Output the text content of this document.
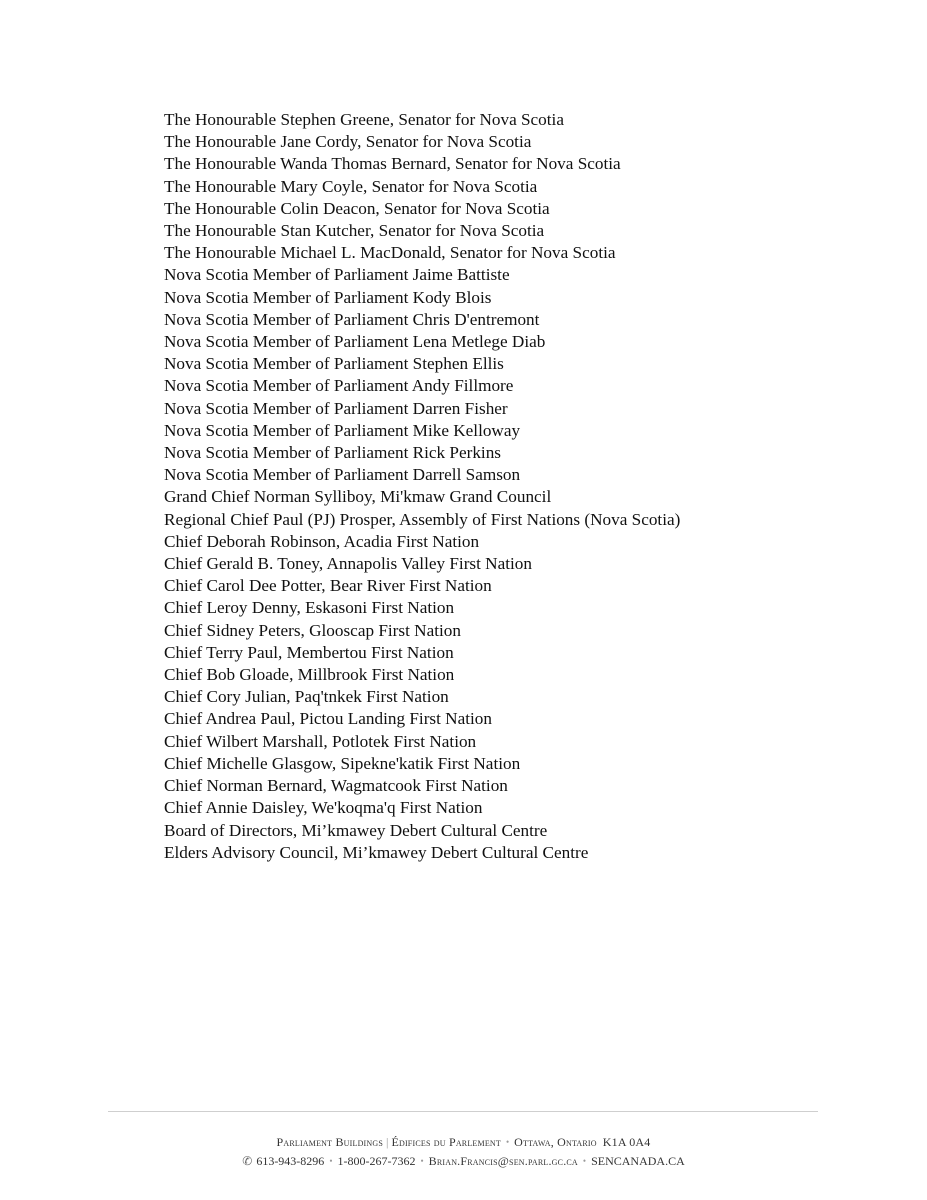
The Honourable Stephen Greene, Senator for Nova Scotia
The Honourable Jane Cordy, Senator for Nova Scotia
The Honourable Wanda Thomas Bernard, Senator for Nova Scotia
The Honourable Mary Coyle, Senator for Nova Scotia
The Honourable Colin Deacon, Senator for Nova Scotia
The Honourable Stan Kutcher, Senator for Nova Scotia
The Honourable Michael L. MacDonald, Senator for Nova Scotia
Nova Scotia Member of Parliament Jaime Battiste
Nova Scotia Member of Parliament Kody Blois
Nova Scotia Member of Parliament Chris D'entremont
Nova Scotia Member of Parliament Lena Metlege Diab
Nova Scotia Member of Parliament Stephen Ellis
Nova Scotia Member of Parliament Andy Fillmore
Nova Scotia Member of Parliament Darren Fisher
Nova Scotia Member of Parliament Mike Kelloway
Nova Scotia Member of Parliament Rick Perkins
Nova Scotia Member of Parliament Darrell Samson
Grand Chief Norman Sylliboy, Mi'kmaw Grand Council
Regional Chief Paul (PJ) Prosper, Assembly of First Nations (Nova Scotia)
Chief Deborah Robinson, Acadia First Nation
Chief Gerald B. Toney, Annapolis Valley First Nation
Chief Carol Dee Potter, Bear River First Nation
Chief Leroy Denny, Eskasoni First Nation
Chief Sidney Peters, Glooscap First Nation
Chief Terry Paul, Membertou First Nation
Chief Bob Gloade, Millbrook First Nation
Chief Cory Julian, Paq'tnkek First Nation
Chief Andrea Paul, Pictou Landing First Nation
Chief Wilbert Marshall, Potlotek First Nation
Chief Michelle Glasgow, Sipekne'katik First Nation
Chief Norman Bernard, Wagmatcook First Nation
Chief Annie Daisley, We'koqma'q First Nation
Board of Directors, Mi’kmawey Debert Cultural Centre
Elders Advisory Council, Mi’kmawey Debert Cultural Centre
Parliament Buildings | Édifices du Parlement • Ottawa, Ontario K1A 0A4
✆ 613-943-8296 • 1-800-267-7362 • Brian.Francis@sen.parl.gc.ca • SENCANADA.CA
